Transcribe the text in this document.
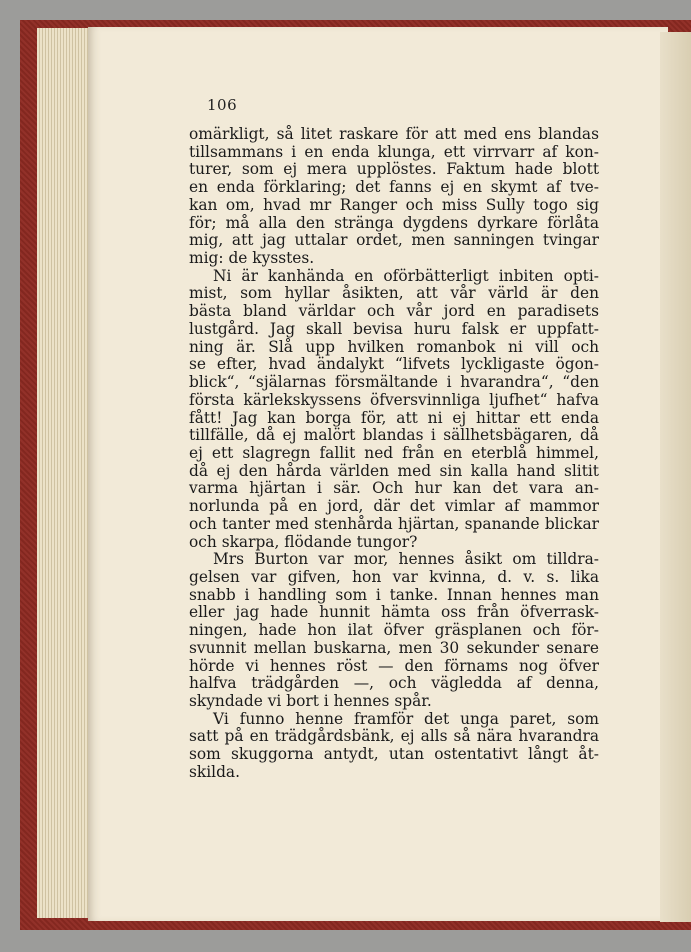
106

omärkligt, så litet raskare för att med ens blandas
tillsammans i en enda klunga, ett virrvarr af kon-
turer, som ej mera upplöstes. Faktum hade blott
en enda förklaring; det fanns ej en skymt af tve-
kan om, hvad mr Ranger och miss Sully togo sig
för; må alla den stränga dygdens dyrkare förlåta
mig, att jag uttalar ordet, men sanningen tvingar
mig: de kysstes.
Ni är kanhända en oförbätterligt inbiten opti-
mist, som hyllar åsikten, att vår värld är den
bästa bland världar och vår jord en paradisets
lustgård. Jag skall bevisa huru falsk er uppfatt-
ning är. Slå upp hvilken romanbok ni vill och
se efter, hvad ändalykt “lifvets lyckligaste ögon-
blick“, “själarnas försmältande i hvarandra“, “den
första kärlekskyssens öfversvinnliga ljufhet“ hafva
fått! Jag kan borga för, att ni ej hittar ett enda
tillfälle, då ej malört blandas i sällhetsbägaren, då
ej ett slagregn fallit ned från en eterblå himmel,
då ej den hårda världen med sin kalla hand slitit
varma hjärtan i sär. Och hur kan det vara an-
norlunda på en jord, där det vimlar af mammor
och tanter med stenhårda hjärtan, spanande blickar
och skarpa, flödande tungor?
Mrs Burton var mor, hennes åsikt om tilldra-
gelsen var gifven, hon var kvinna, d. v. s. lika
snabb i handling som i tanke. Innan hennes man
eller jag hade hunnit hämta oss från öfverrask-
ningen, hade hon ilat öfver gräsplanen och för-
svunnit mellan buskarna, men 30 sekunder senare
hörde vi hennes röst — den förnams nog öfver
halfva trädgården —, och vägledda af denna,
skyndade vi bort i hennes spår.
Vi funno henne framför det unga paret, som
satt på en trädgårdsbänk, ej alls så nära hvarandra
som skuggorna antydt, utan ostentativt långt åt-
skilda.
